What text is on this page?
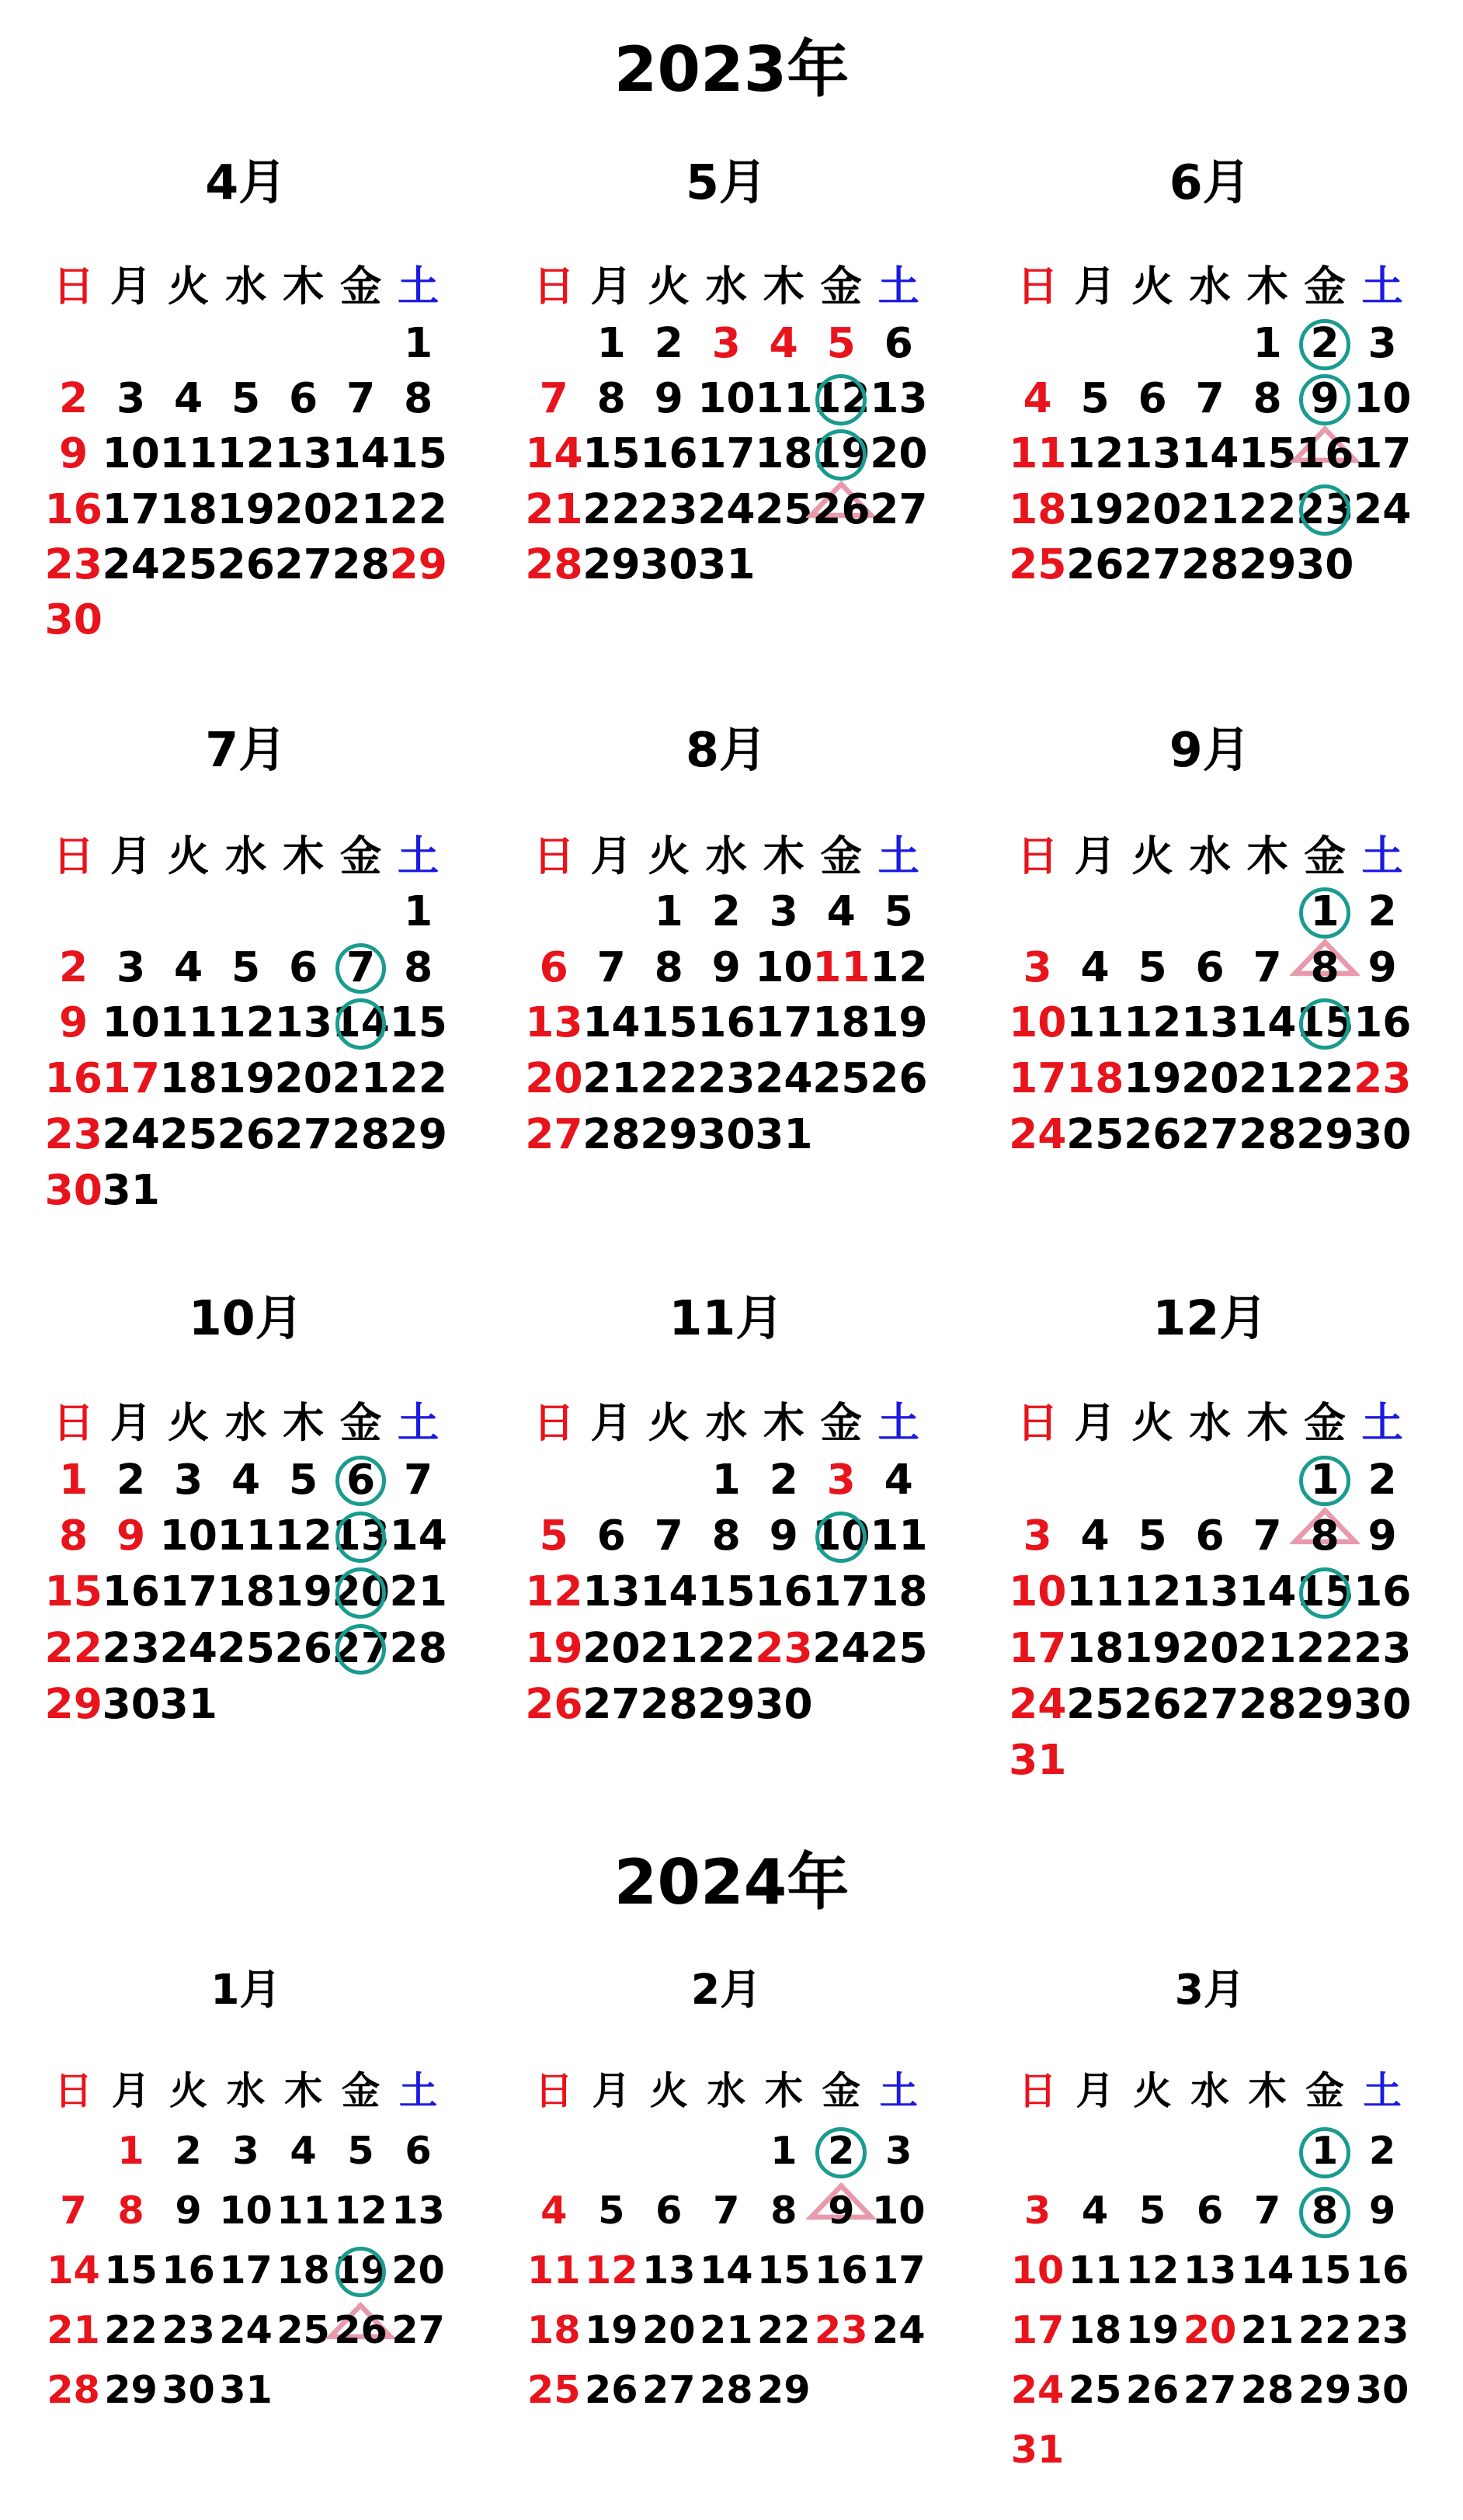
2023年
2024年
4月
日 月 火 水 木 金 土
1
2 3 4 5 6 7 8
9 10 11 12 13 14 15
16 17 18 19 20 21 22
23 24 25 26 27 28 29
30
5月
日 月 火 水 木 金 土
1 2 3 4 5 6
7 8 9 10 11 12 13
14 15 16 17 18 19 20
21 22 23 24 25 26 27
28 29 30 31
6月
日 月 火 水 木 金 土
1 2 3
4 5 6 7 8 9 10
11 12 13 14 15 16 17
18 19 20 21 22 23 24
25 26 27 28 29 30
7月
日 月 火 水 木 金 土
1
2 3 4 5 6 7 8
9 10 11 12 13 14 15
16 17 18 19 20 21 22
23 24 25 26 27 28 29
30 31
8月
日 月 火 水 木 金 土
1 2 3 4 5
6 7 8 9 10 11 12
13 14 15 16 17 18 19
20 21 22 23 24 25 26
27 28 29 30 31
9月
日 月 火 水 木 金 土
1 2
3 4 5 6 7 8 9
10 11 12 13 14 15 16
17 18 19 20 21 22 23
24 25 26 27 28 29 30
10月
日 月 火 水 木 金 土
1 2 3 4 5 6 7
8 9 10 11 12 13 14
15 16 17 18 19 20 21
22 23 24 25 26 27 28
29 30 31
11月
日 月 火 水 木 金 土
1 2 3 4
5 6 7 8 9 10 11
12 13 14 15 16 17 18
19 20 21 22 23 24 25
26 27 28 29 30
12月
日 月 火 水 木 金 土
1 2
3 4 5 6 7 8 9
10 11 12 13 14 15 16
17 18 19 20 21 22 23
24 25 26 27 28 29 30
31
1月
日 月 火 水 木 金 土
1 2 3 4 5 6
7 8 9 10 11 12 13
14 15 16 17 18 19 20
21 22 23 24 25 26 27
28 29 30 31
2月
日 月 火 水 木 金 土
1 2 3
4 5 6 7 8 9 10
11 12 13 14 15 16 17
18 19 20 21 22 23 24
25 26 27 28 29
3月
日 月 火 水 木 金 土
1 2
3 4 5 6 7 8 9
10 11 12 13 14 15 16
17 18 19 20 21 22 23
24 25 26 27 28 29 30
31
